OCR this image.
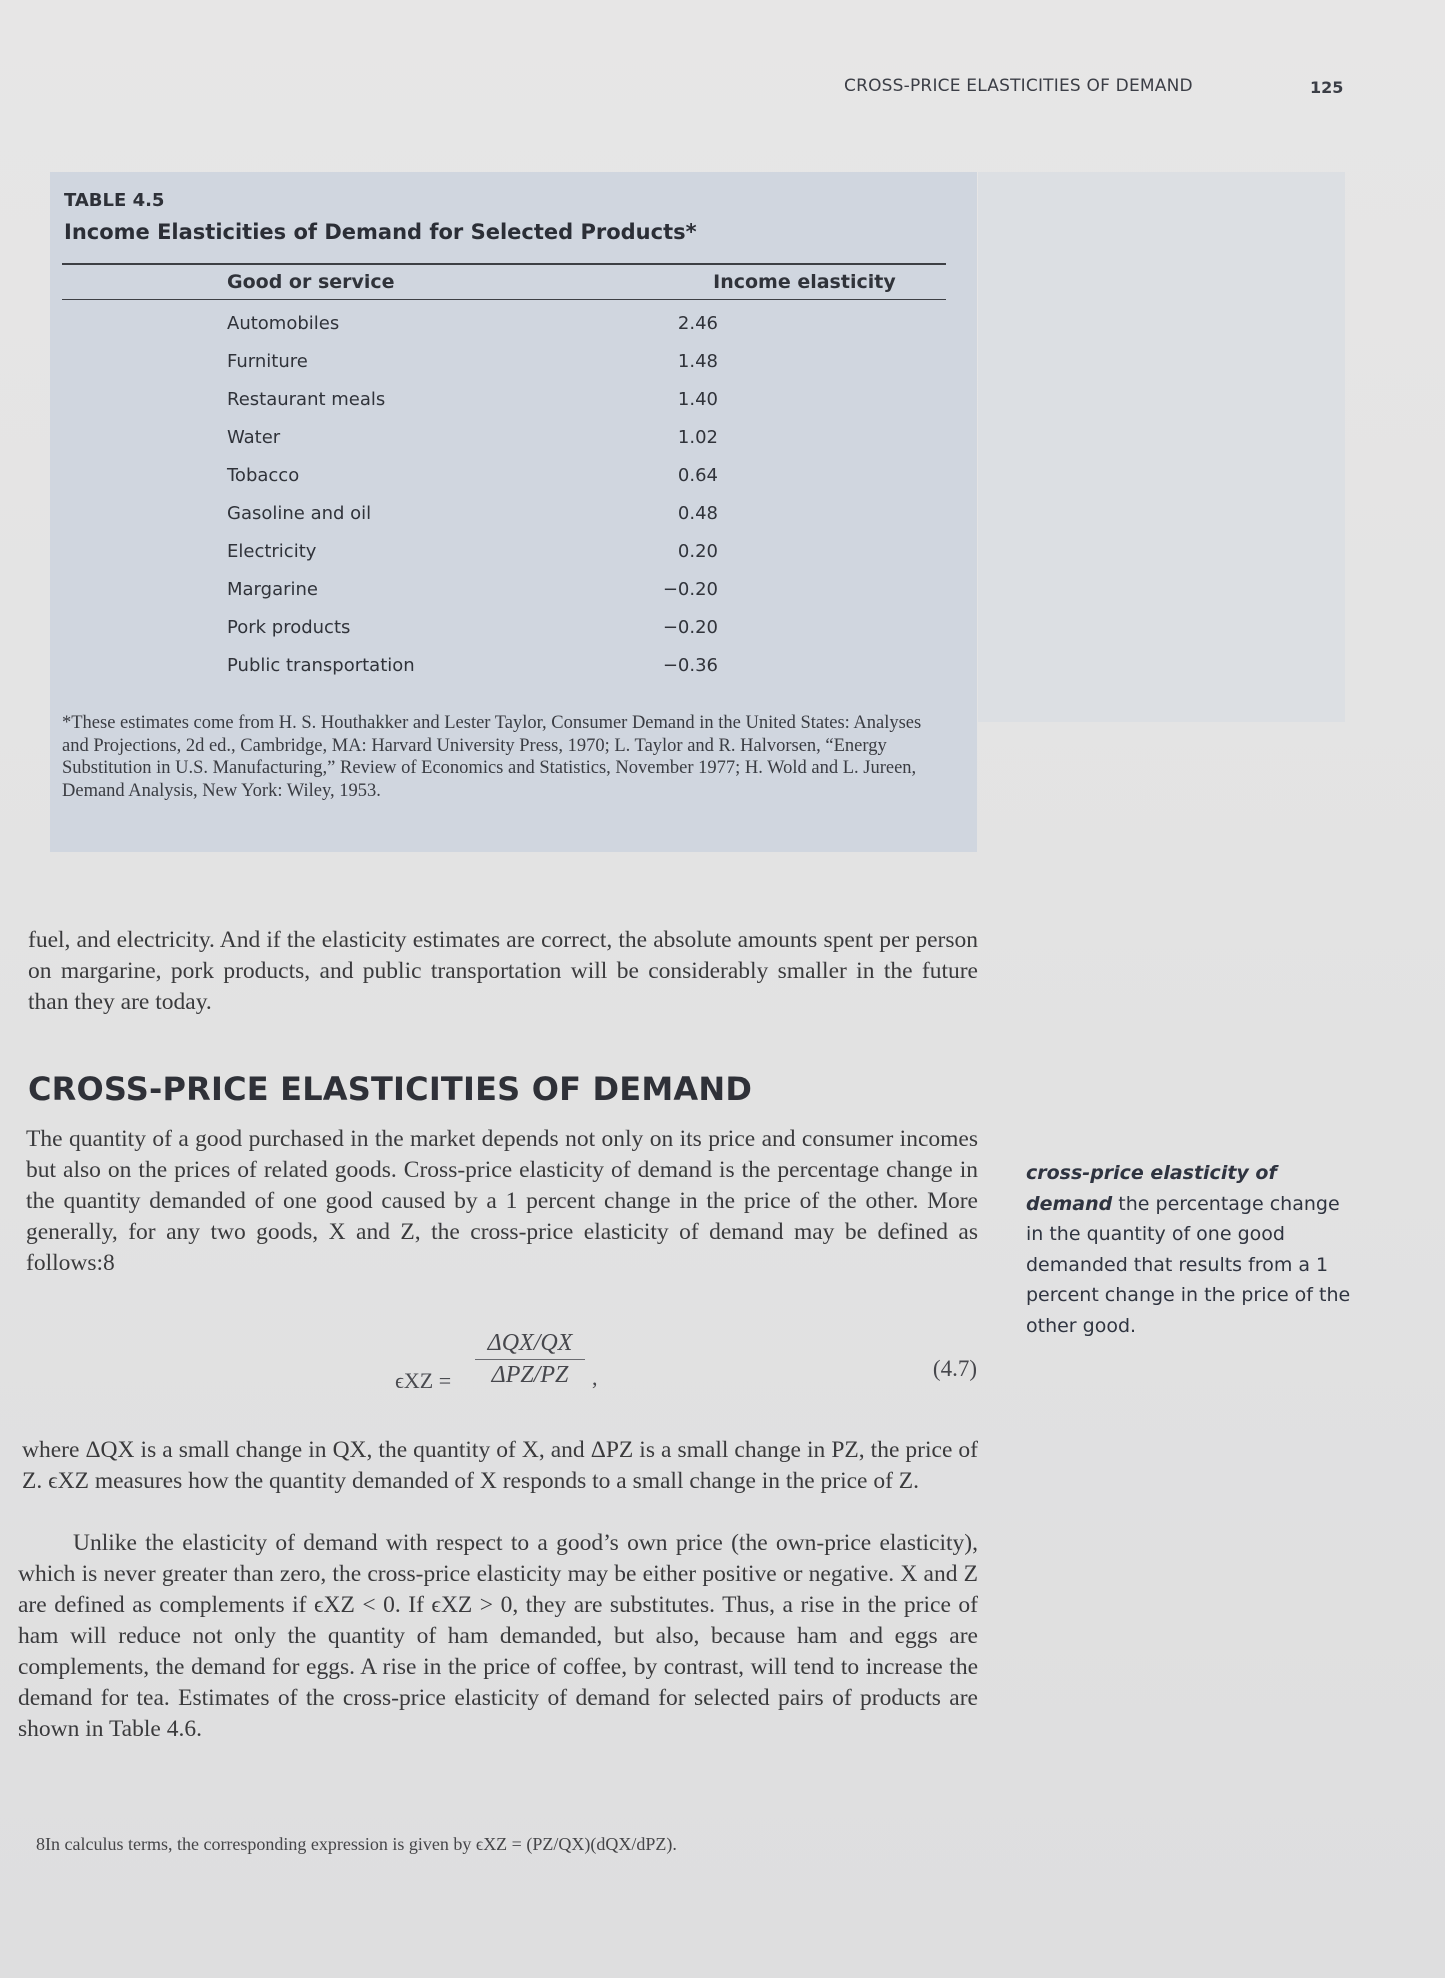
CROSS-PRICE ELASTICITIES OF DEMAND	125
TABLE 4.5
Income Elasticities of Demand for Selected Products*
Good or service	Income elasticity
Automobiles	2.46
Furniture	1.48
Restaurant meals	1.40
Water	1.02
Tobacco	0.64
Gasoline and oil	0.48
Electricity	0.20
Margarine	−0.20
Pork products	−0.20
Public transportation	−0.36
*These estimates come from H. S. Houthakker and Lester Taylor, Consumer Demand in the United States: Analyses and Projections, 2d ed., Cambridge, MA: Harvard University Press, 1970; L. Taylor and R. Halvorsen, “Energy Substitution in U.S. Manufacturing,” Review of Economics and Statistics, November 1977; H. Wold and L. Jureen, Demand Analysis, New York: Wiley, 1953.

fuel, and electricity. And if the elasticity estimates are correct, the absolute amounts spent per person on margarine, pork products, and public transportation will be considerably smaller in the future than they are today.

CROSS-PRICE ELASTICITIES OF DEMAND

The quantity of a good purchased in the market depends not only on its price and consumer incomes but also on the prices of related goods. Cross-price elasticity of demand is the percentage change in the quantity demanded of one good caused by a 1 percent change in the price of the other. More generally, for any two goods, X and Z, the cross-price elasticity of demand may be defined as follows:8

cross-price elasticity of demand the percentage change in the quantity of one good demanded that results from a 1 percent change in the price of the other good.
ϵXZ =
ΔQX/QX
ΔPZ/PZ	,	(4.7)

where ΔQX is a small change in QX, the quantity of X, and ΔPZ is a small change in PZ, the price of Z. ϵXZ measures how the quantity demanded of X responds to a small change in the price of Z.

Unlike the elasticity of demand with respect to a good’s own price (the own-price elasticity), which is never greater than zero, the cross-price elasticity may be either positive or negative. X and Z are defined as complements if ϵXZ < 0. If ϵXZ > 0, they are substitutes. Thus, a rise in the price of ham will reduce not only the quantity of ham demanded, but also, because ham and eggs are complements, the demand for eggs. A rise in the price of coffee, by contrast, will tend to increase the demand for tea. Estimates of the cross-price elasticity of demand for selected pairs of products are shown in Table 4.6.

8In calculus terms, the corresponding expression is given by ϵXZ = (PZ/QX)(dQX/dPZ).
